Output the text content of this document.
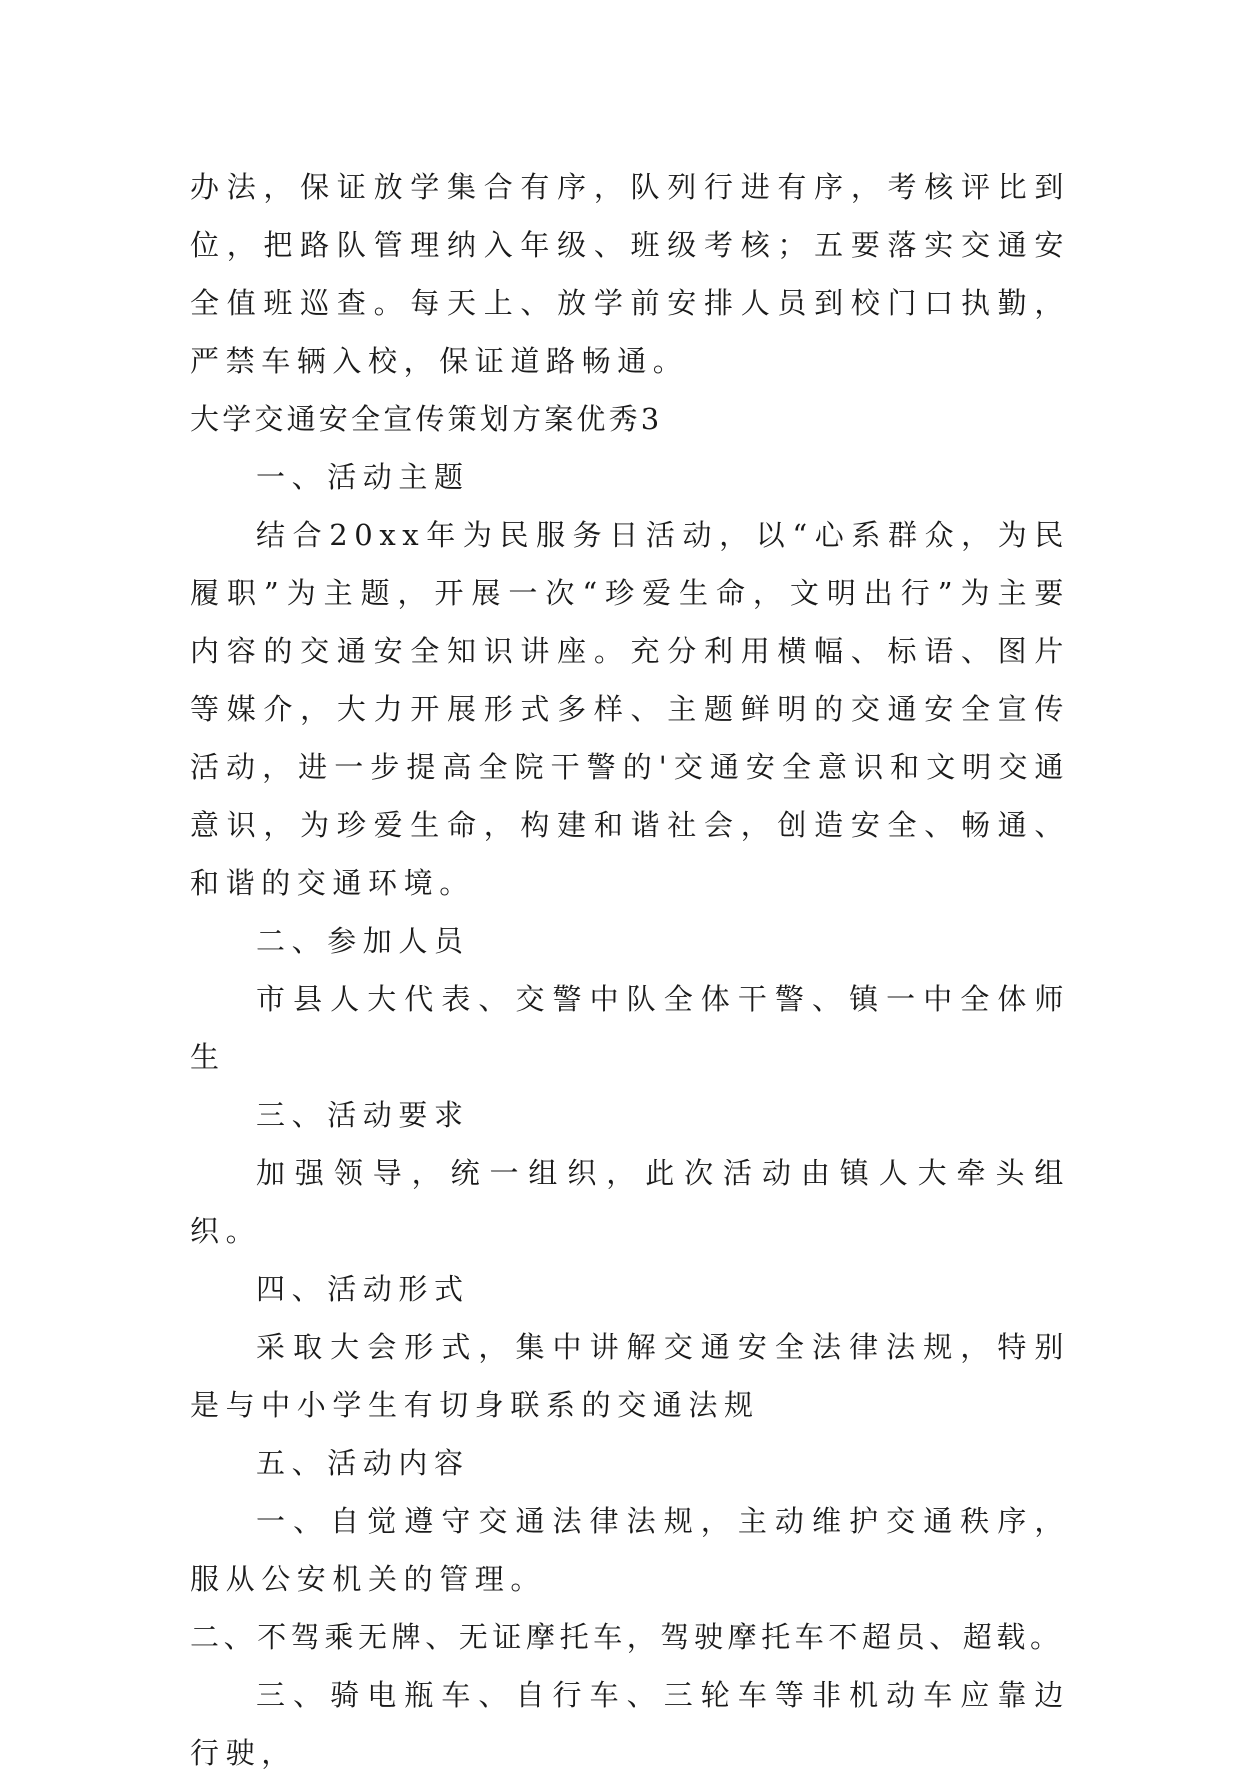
办法，保证放学集合有序，队列行进有序，考核评比到位，把路队管理纳入年级、班级考核；五要落实交通安全值班巡查。每天上、放学前安排人员到校门口执勤，严禁车辆入校，保证道路畅通。

大学交通安全宣传策划方案优秀3

一、活动主题

结合20xx年为民服务日活动，以“心系群众，为民履职”为主题，开展一次“珍爱生命，文明出行”为主要内容的交通安全知识讲座。充分利用横幅、标语、图片等媒介，大力开展形式多样、主题鲜明的交通安全宣传活动，进一步提高全院干警的'交通安全意识和文明交通意识，为珍爱生命，构建和谐社会，创造安全、畅通、和谐的交通环境。

二、参加人员

市县人大代表、交警中队全体干警、镇一中全体师生

三、活动要求

加强领导，统一组织，此次活动由镇人大牵头组织。

四、活动形式

采取大会形式，集中讲解交通安全法律法规，特别是与中小学生有切身联系的交通法规

五、活动内容

一、自觉遵守交通法律法规，主动维护交通秩序，服从公安机关的管理。

二、不驾乘无牌、无证摩托车，驾驶摩托车不超员、超载。

三、骑电瓶车、自行车、三轮车等非机动车应靠边行驶，
